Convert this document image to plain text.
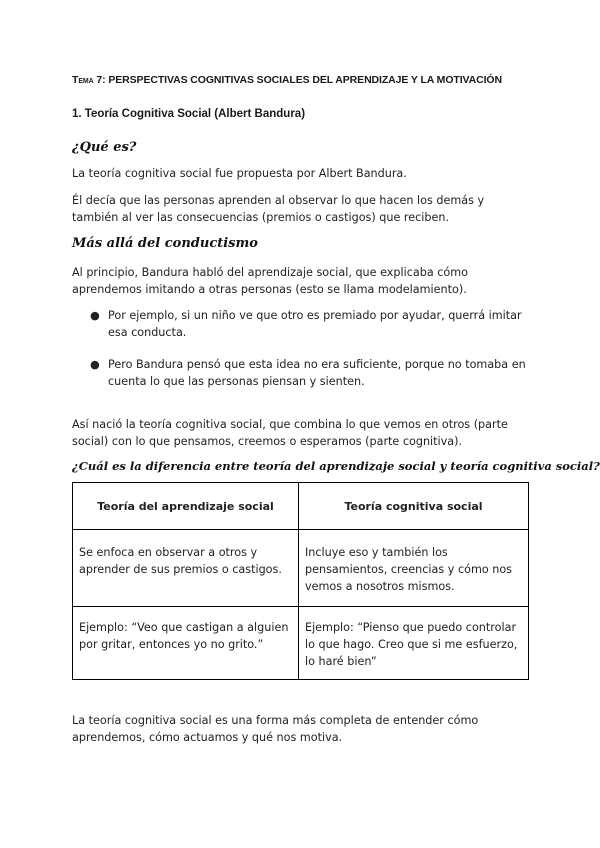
Tema 7: PERSPECTIVAS COGNITIVAS SOCIALES DEL APRENDIZAJE Y LA MOTIVACIÓN
1. Teoría Cognitiva Social (Albert Bandura)
¿Qué es?
La teoría cognitiva social fue propuesta por Albert Bandura.
Él decía que las personas aprenden al observar lo que hacen los demás y también al ver las consecuencias (premios o castigos) que reciben.
Más allá del conductismo
Al principio, Bandura habló del aprendizaje social, que explicaba cómo aprendemos imitando a otras personas (esto se llama modelamiento).
● Por ejemplo, si un niño ve que otro es premiado por ayudar, querrá imitar esa conducta.
● Pero Bandura pensó que esta idea no era suficiente, porque no tomaba en cuenta lo que las personas piensan y sienten.
Así nació la teoría cognitiva social, que combina lo que vemos en otros (parte social) con lo que pensamos, creemos o esperamos (parte cognitiva).
¿Cuál es la diferencia entre teoría del aprendizaje social y teoría cognitiva social?
Teoría del aprendizaje social	Teoría cognitiva social
Se enfoca en observar a otros y aprender de sus premios o castigos.	Incluye eso y también los pensamientos, creencias y cómo nos vemos a nosotros mismos.
Ejemplo: “Veo que castigan a alguien por gritar, entonces yo no grito.”	Ejemplo: “Pienso que puedo controlar lo que hago. Creo que si me esfuerzo, lo haré bien”
La teoría cognitiva social es una forma más completa de entender cómo aprendemos, cómo actuamos y qué nos motiva.
